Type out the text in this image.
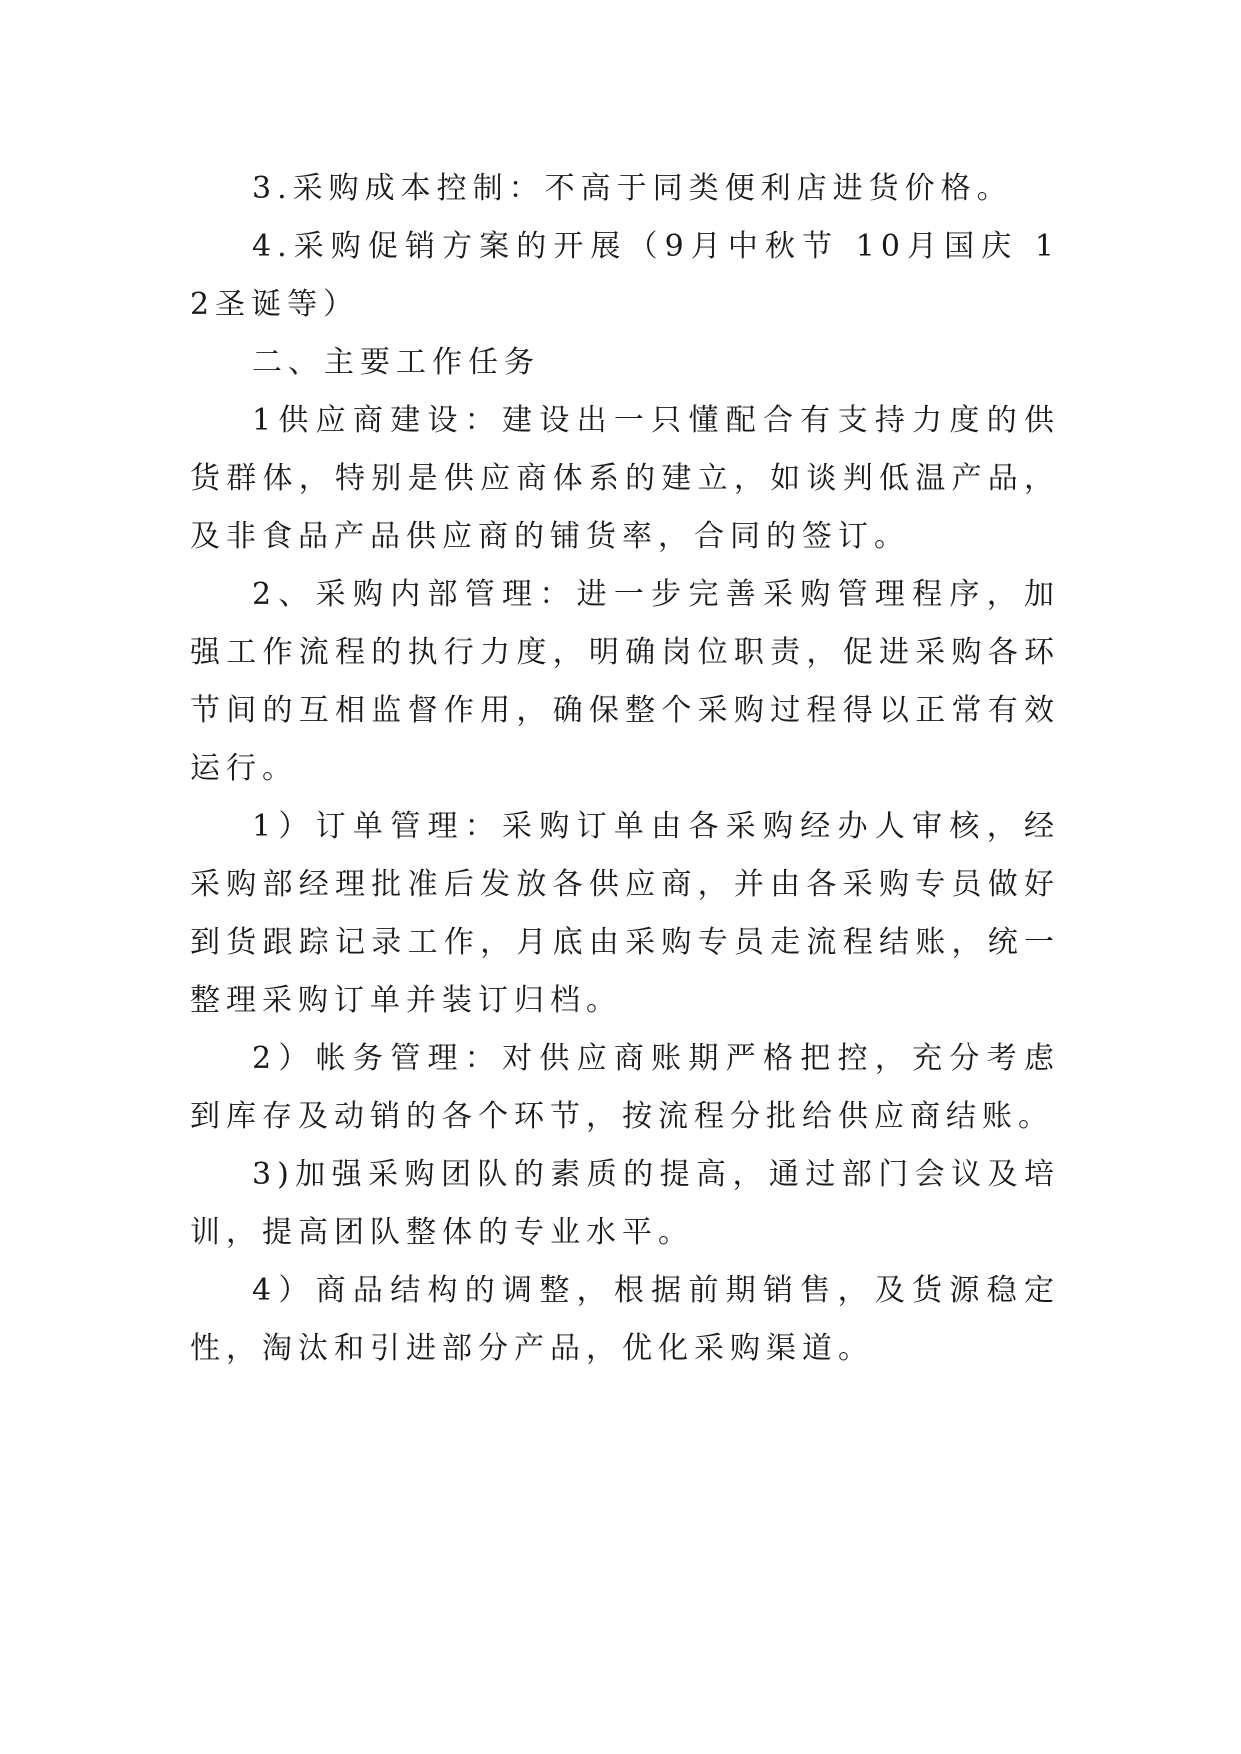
3.采购成本控制：不高于同类便利店进货价格。

4.采购促销方案的开展（9月中秋节 10月国庆 12圣诞等）

二、主要工作任务

1供应商建设：建设出一只懂配合有支持力度的供货群体，特别是供应商体系的建立，如谈判低温产品，及非食品产品供应商的铺货率，合同的签订。

2、采购内部管理：进一步完善采购管理程序，加强工作流程的执行力度，明确岗位职责，促进采购各环节间的互相监督作用，确保整个采购过程得以正常有效运行。

1）订单管理：采购订单由各采购经办人审核，经采购部经理批准后发放各供应商，并由各采购专员做好到货跟踪记录工作，月底由采购专员走流程结账，统一整理采购订单并装订归档。

2）帐务管理：对供应商账期严格把控，充分考虑到库存及动销的各个环节，按流程分批给供应商结账。

3)加强采购团队的素质的提高，通过部门会议及培训，提高团队整体的专业水平。

4）商品结构的调整，根据前期销售，及货源稳定性，淘汰和引进部分产品，优化采购渠道。
